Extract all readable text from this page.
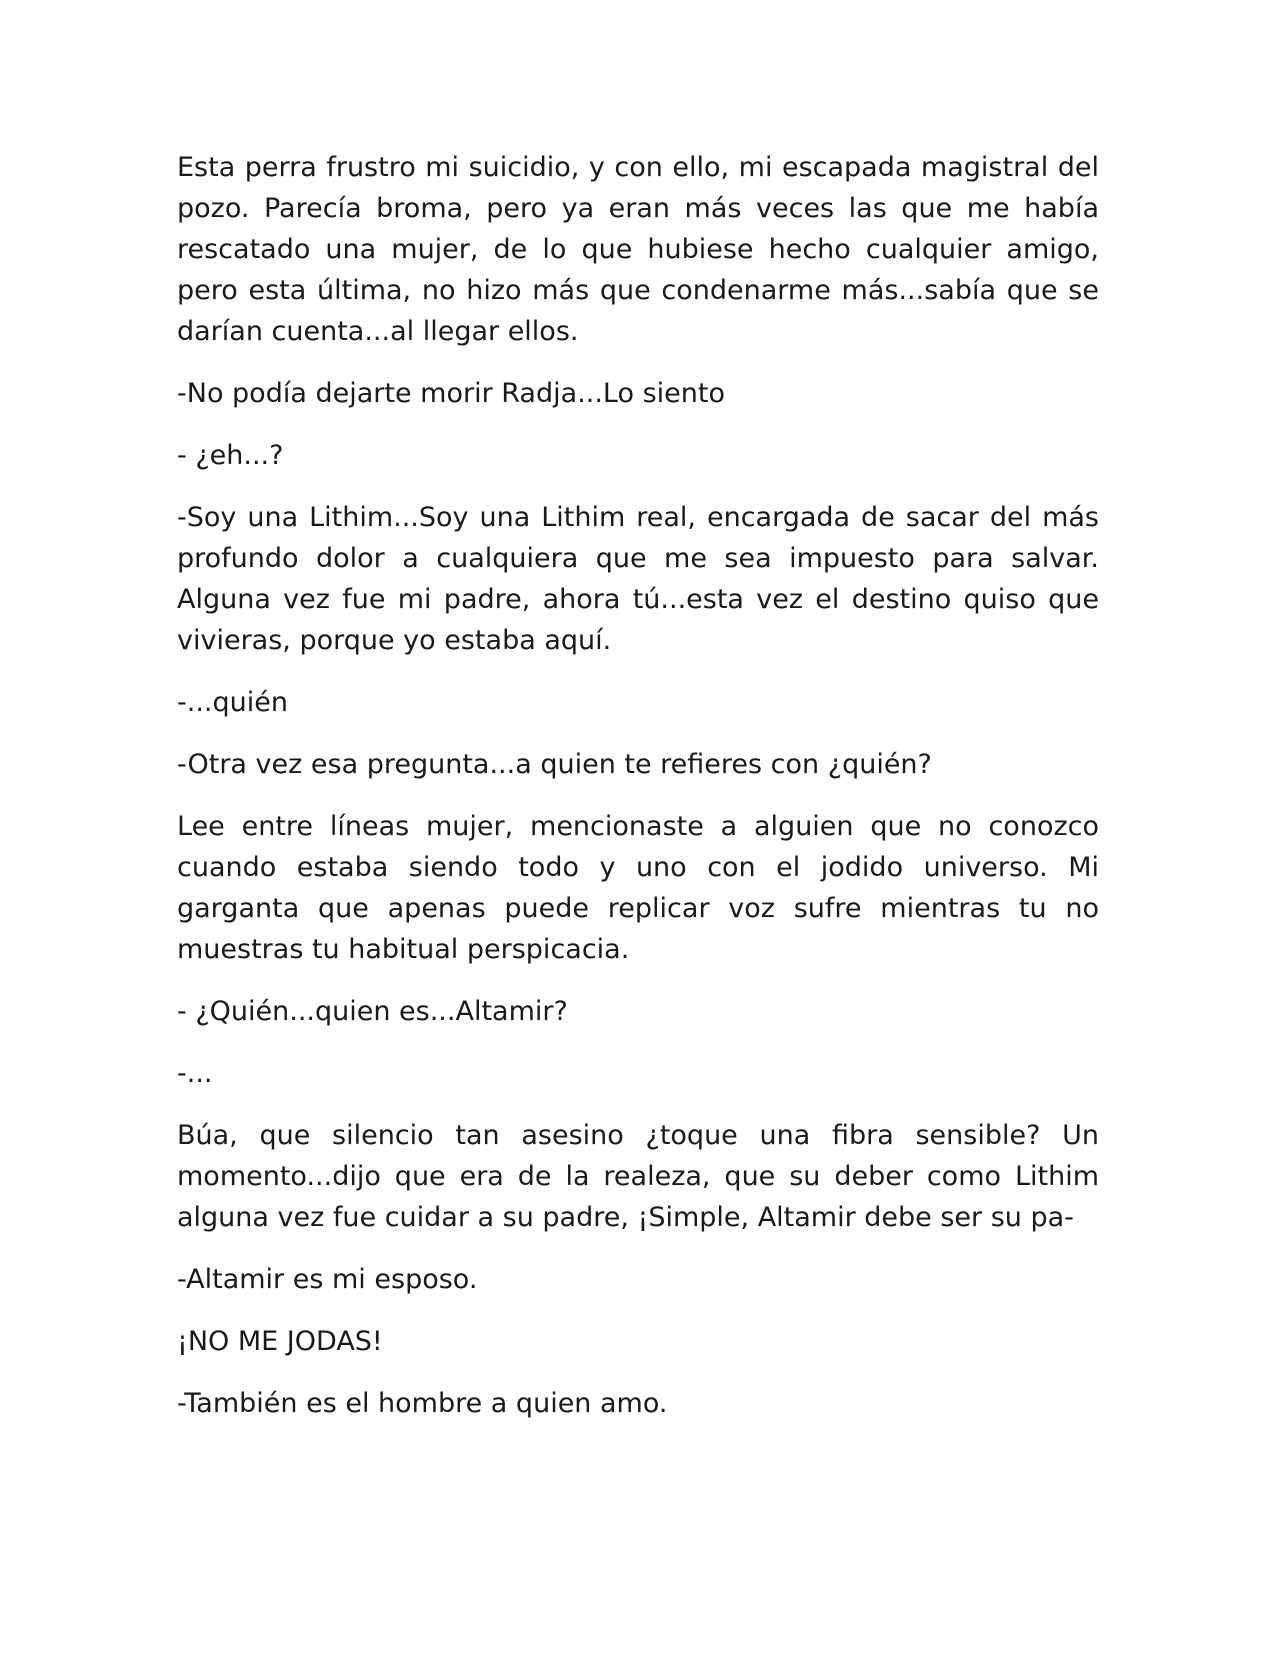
Esta perra frustro mi suicidio, y con ello, mi escapada magistral del pozo. Parecía broma, pero ya eran más veces las que me había rescatado una mujer, de lo que hubiese hecho cualquier amigo, pero esta última, no hizo más que condenarme más...sabía que se darían cuenta...al llegar ellos.

-No podía dejarte morir Radja...Lo siento

- ¿eh...?

-Soy una Lithim...Soy una Lithim real, encargada de sacar del más profundo dolor a cualquiera que me sea impuesto para salvar. Alguna vez fue mi padre, ahora tú...esta vez el destino quiso que vivieras, porque yo estaba aquí.

-...quién

-Otra vez esa pregunta...a quien te refieres con ¿quién?

Lee entre líneas mujer, mencionaste a alguien que no conozco cuando estaba siendo todo y uno con el jodido universo. Mi garganta que apenas puede replicar voz sufre mientras tu no muestras tu habitual perspicacia.

- ¿Quién...quien es...Altamir?

-...

Búa, que silencio tan asesino ¿toque una fibra sensible? Un momento...dijo que era de la realeza, que su deber como Lithim alguna vez fue cuidar a su padre, ¡Simple, Altamir debe ser su pa-

-Altamir es mi esposo.

¡NO ME JODAS!

-También es el hombre a quien amo.
